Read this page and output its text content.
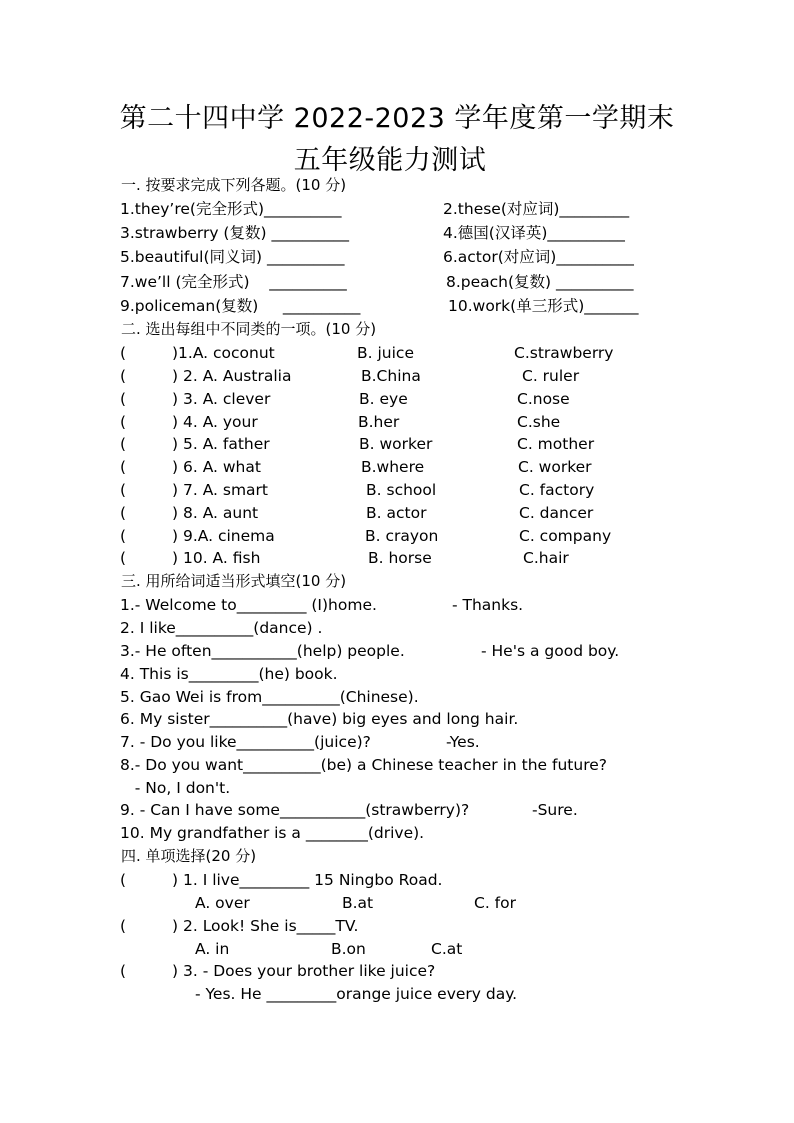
第二十四中学 2022-2023 学年度第一学期末
五年级能力测试
一. 按要求完成下列各题。(10 分)
1.they’re(完全形式)__________	2.these(对应词)_________
3.strawberry (复数) __________	4.德国(汉译英)__________
5.beautiful(同义词) __________	6.actor(对应词)__________
7.we’ll (完全形式)    __________	8.peach(复数) __________
9.policeman(复数)     __________	10.work(单三形式)_______
二. 选出每组中不同类的一项。(10 分)
(	)1.A. coconut	B. juice	C.strawberry
(	) 2. A. Australia	B.China	C. ruler
(	) 3. A. clever	B. eye	C.nose
(	) 4. A. your	B.her	C.she
(	) 5. A. father	B. worker	C. mother
(	) 6. A. what	B.where	C. worker
(	) 7. A. smart	B. school	C. factory
(	) 8. A. aunt	B. actor	C. dancer
(	) 9.A. cinema	B. crayon	C. company
(	) 10. A. fish	B. horse	C.hair
三. 用所给词适当形式填空(10 分)
1.- Welcome to_________ (I)home.	- Thanks.
2. I like__________(dance) .
3.- He often___________(help) people.	- He's a good boy.
4. This is_________(he) book.
5. Gao Wei is from__________(Chinese).
6. My sister__________(have) big eyes and long hair.
7. - Do you like__________(juice)?	-Yes.
8.- Do you want__________(be) a Chinese teacher in the future?
- No, I don't.
9. - Can I have some___________(strawberry)?	-Sure.
10. My grandfather is a ________(drive).
四. 单项选择(20 分)
(	) 1. I live_________ 15 Ningbo Road.
A. over	B.at	C. for
(	) 2. Look! She is_____TV.
A. in	B.on	C.at
(	) 3. - Does your brother like juice?
- Yes. He _________orange juice every day.
